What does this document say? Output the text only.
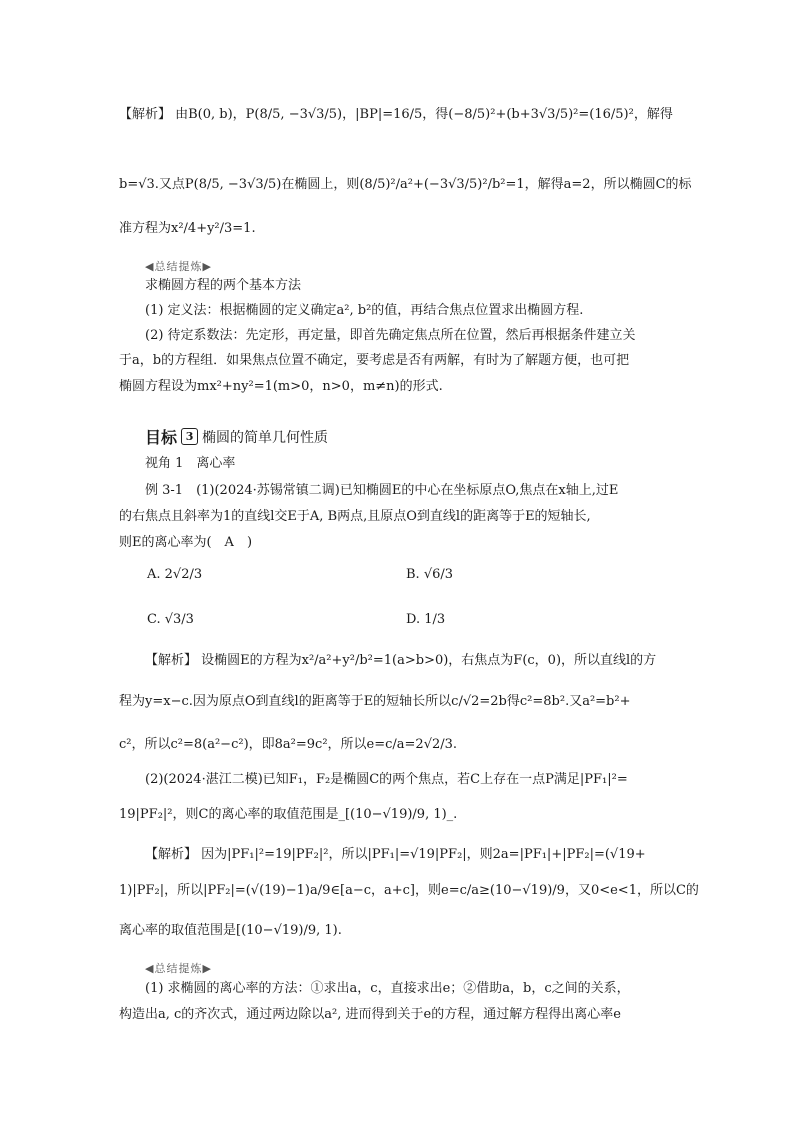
【解析】 由B(0, b)，P(8/5, −3√3/5)，|BP|=16/5，得(−8/5)²+(b+3√3/5)²=(16/5)²，解得
b=√3.又点P(8/5, −3√3/5)在椭圆上，则(8/5)²/a²+(−3√3/5)²/b²=1，解得a=2，所以椭圆C的标
准方程为x²/4+y²/3=1.
◀总结提炼▶
求椭圆方程的两个基本方法
(1) 定义法：根据椭圆的定义确定a², b²的值，再结合焦点位置求出椭圆方程.
(2) 待定系数法：先定形，再定量，即首先确定焦点所在位置，然后再根据条件建立关
于a，b的方程组．如果焦点位置不确定，要考虑是否有两解，有时为了解题方便，也可把
椭圆方程设为mx²+ny²=1(m>0，n>0，m≠n)的形式.
目标 3 椭圆的简单几何性质
视角 1　离心率
例 3-1　(1)(2024·苏锡常镇二调)已知椭圆E的中心在坐标原点O,焦点在x轴上,过E
的右焦点且斜率为1的直线l交E于A, B两点,且原点O到直线l的距离等于E的短轴长,
则E的离心率为(　A　)
A. 2√2/3	B. √6/3
C. √3/3	D. 1/3
【解析】 设椭圆E的方程为x²/a²+y²/b²=1(a>b>0)，右焦点为F(c，0)，所以直线l的方
程为y=x−c.因为原点O到直线l的距离等于E的短轴长所以c/√2=2b得c²=8b².又a²=b²+
c²，所以c²=8(a²−c²)，即8a²=9c²，所以e=c/a=2√2/3.
(2)(2024·湛江二模)已知F₁，F₂是椭圆C的两个焦点，若C上存在一点P满足|PF₁|²=
19|PF₂|²，则C的离心率的取值范围是_[(10−√19)/9, 1)_.
【解析】 因为|PF₁|²=19|PF₂|²，所以|PF₁|=√19|PF₂|，则2a=|PF₁|+|PF₂|=(√19+
1)|PF₂|，所以|PF₂|=(√(19)−1)a/9∈[a−c，a+c]，则e=c/a≥(10−√19)/9，又0<e<1，所以C的
离心率的取值范围是[(10−√19)/9, 1).
◀总结提炼▶
(1) 求椭圆的离心率的方法：①求出a，c，直接求出e；②借助a，b，c之间的关系，
构造出a, c的齐次式，通过两边除以a², 进而得到关于e的方程，通过解方程得出离心率e
